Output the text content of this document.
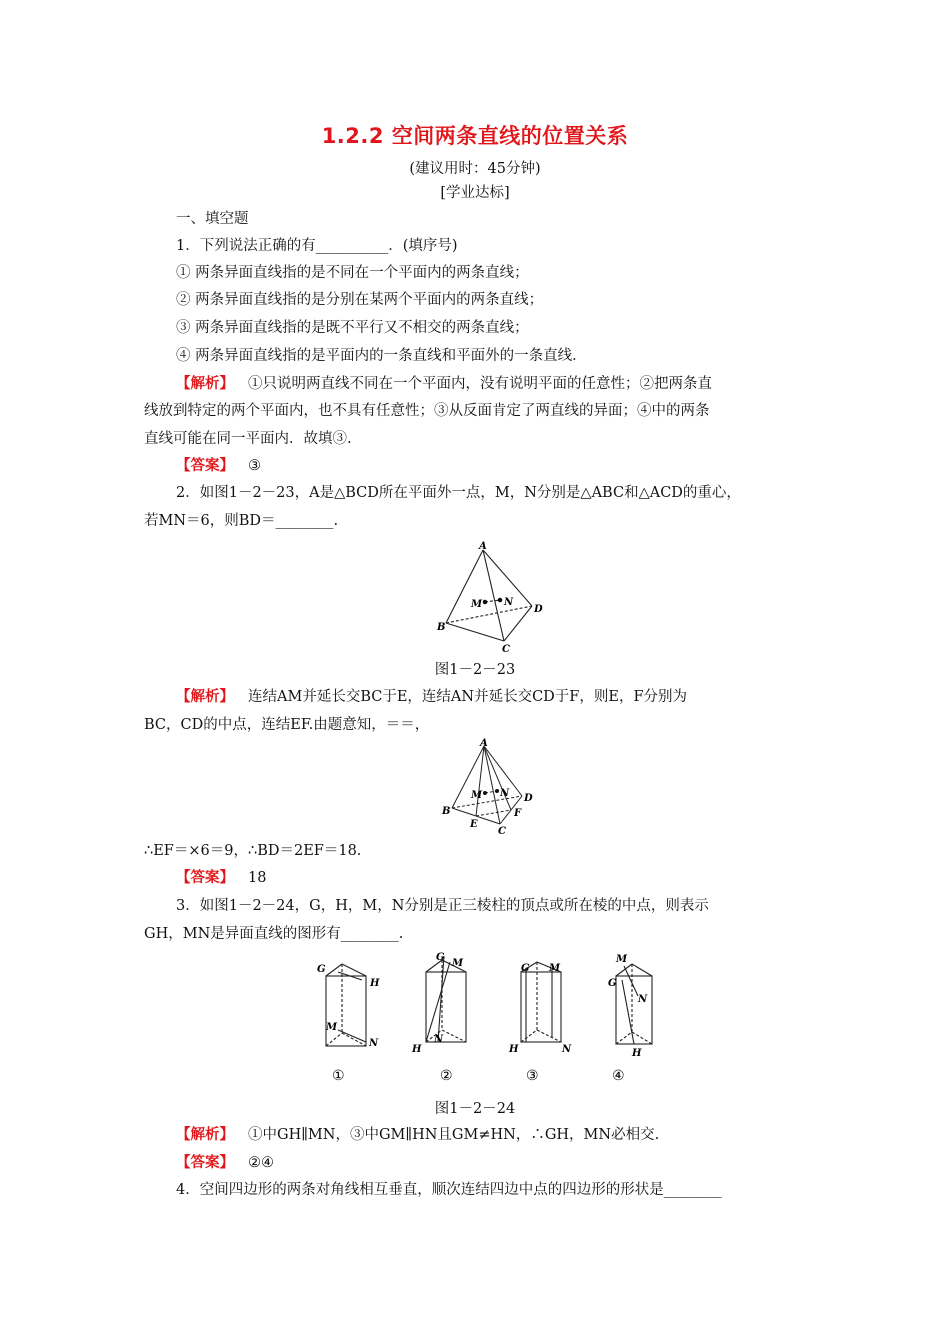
1.2.2 空间两条直线的位置关系
(建议用时：45分钟)
[学业达标]
一、填空题
1．下列说法正确的有__________．(填序号)
① 两条异面直线指的是不同在一个平面内的两条直线；
② 两条异面直线指的是分别在某两个平面内的两条直线；
③ 两条异面直线指的是既不平行又不相交的两条直线；
④ 两条异面直线指的是平面内的一条直线和平面外的一条直线．
【解析】 ①只说明两直线不同在一个平面内，没有说明平面的任意性；②把两条直
线放到特定的两个平面内，也不具有任意性；③从反面肯定了两直线的异面；④中的两条
直线可能在同一平面内．故填③.
【答案】 ③
2．如图1－2－23，A是△BCD所在平面外一点，M，N分别是△ABC和△ACD的重心，
若MN＝6，则BD＝________.
A
B
C
D
M N
图1－2－23
【解析】 连结AM并延长交BC于E，连结AN并延长交CD于F，则E，F分别为
BC，CD的中点，连结EF.由题意知，＝＝，
A
B
E
C
F
D
M N
∴EF＝×6＝9，∴BD＝2EF＝18.
【答案】 18
3．如图1－2－24，G，H，M，N分别是正三棱柱的顶点或所在棱的中点，则表示
GH，MN是异面直线的图形有________.
G
H
M
N
G
M
H
N
G M
H	N
M
G
N
H
①	②	③	④
图1－2－24
【解析】 ①中GH∥MN，③中GM∥HN且GM≠HN，∴GH，MN必相交.
【答案】 ②④
4．空间四边形的两条对角线相互垂直，顺次连结四边中点的四边形的形状是________
